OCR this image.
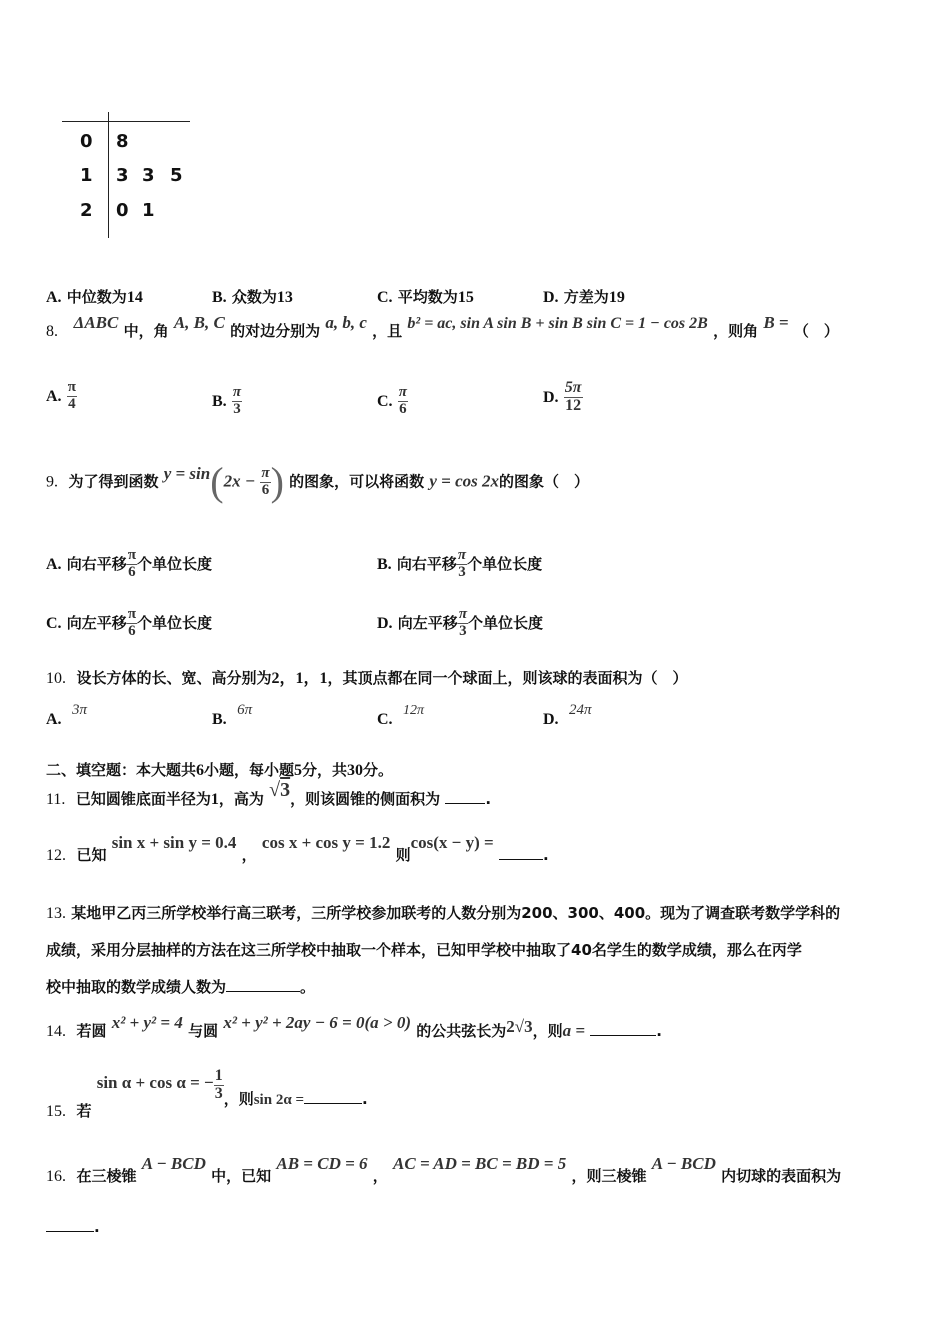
0 8
1 3 3 5
2 0 1
A. 中位数为14	B. 众数为13	C. 平均数为15	D. 方差为19
8. ΔABC 中，角 A, B, C 的对边分别为 a, b, c ，且 b² = ac, sin A sin B + sin B sin C = 1 − cos 2B ，则角 B = （　）
A. $\frac{\pi}{4}$	B. $\frac{\pi}{3}$	C. $\frac{\pi}{6}$	D. $\frac{5\pi}{12}$
9. 为了得到函数 $y = \sin(2x - \frac{\pi}{6}$ ) 的图象，可以将函数 y = cos 2x的图象（　）
A. 向右平移 $\frac{\pi}{6}$ 个单位长度	B. 向右平移 $\frac{\pi}{3}$ 个单位长度
C. 向左平移 $\frac{\pi}{6}$ 个单位长度	D. 向左平移 $\frac{\pi}{3}$ 个单位长度
10. 设长方体的长、宽、高分别为2，1，1，其顶点都在同一个球面上，则该球的表面积为（　）
A.  3π
B.  6π
C.  12π
D.  24π
二、填空题：本大题共6小题，每小题5分，共30分。
11. 已知圆锥底面半径为1，高为 √3，则该圆锥的侧面积为	.
12. 已知 sin x + sin y = 0.4 ， cos x + cos y = 1.2 则cos(x − y) = .
13. 某地甲乙丙三所学校举行高三联考，三所学校参加联考的人数分别为200、300、400。现为了调查联考数学学科的
成绩，采用分层抽样的方法在这三所学校中抽取一个样本，已知甲学校中抽取了40名学生的数学成绩，那么在丙学
校中抽取的数学成绩人数为	。
14. 若圆 x² + y² = 4 与圆 x² + y² + 2ay − 6 = 0(a > 0) 的公共弦长为2√3，则a =	.
15. 若 sin α + cos α = − $\frac{1}{3}$ ，则sin 2α =	.
16. 在三棱锥 A − BCD 中，已知 AB = CD = 6 ， AC = AD = BC = BD = 5 ，则三棱锥 A − BCD 内切球的表面积为
.
